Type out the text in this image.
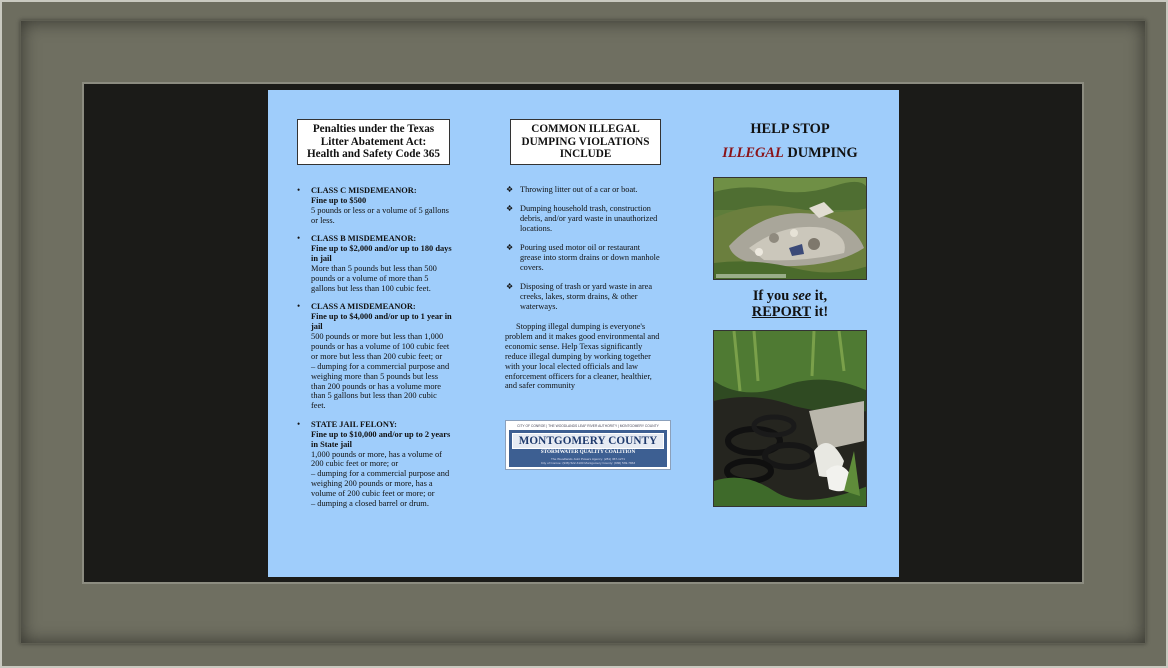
Penalties under the Texas Litter Abatement Act: Health and Safety Code 365
• CLASS C MISDEMEANOR:
Fine up to $500
5 pounds or less or a volume of 5 gallons or less.
• CLASS B MISDEMEANOR:
Fine up to $2,000 and/or up to 180 days in jail
More than 5 pounds but less than 500 pounds or a volume of more than 5 gallons but less than 100 cubic feet.
• CLASS A MISDEMEANOR:
Fine up to $4,000 and/or up to 1 year in jail
500 pounds or more but less than 1,000 pounds or has a volume of 100 cubic feet or more but less than 200 cubic feet; or
– dumping for a commercial purpose and weighing more than 5 pounds but less than 200 pounds or has a volume more than 5 gallons but less than 200 cubic feet.
• STATE JAIL FELONY:
Fine up to $10,000 and/or up to 2 years in State jail
1,000 pounds or more, has a volume of 200 cubic feet or more; or
– dumping for a commercial purpose and weighing 200 pounds or more, has a volume of 200 cubic feet or more; or
– dumping a closed barrel or drum.
COMMON ILLEGAL DUMPING VIOLATIONS INCLUDE
❖ Throwing litter out of a car or boat.
❖ Dumping household trash, construction debris, and/or yard waste in unauthorized locations.
❖ Pouring used motor oil or restaurant grease into storm drains or down manhole covers.
❖ Disposing of trash or yard waste in area creeks, lakes, storm drains, & other waterways.

Stopping illegal dumping is everyone's problem and it makes good environmental and economic sense. Help Texas significantly reduce illegal dumping by working together with your local elected officials and law enforcement officers for a cleaner, healthier, and safer community

CITY OF CONROE | THE WOODLANDS LEAF RIVER AUTHORITY | MONTGOMERY COUNTY
MONTGOMERY COUNTY
STORMWATER QUALITY COALITION
The Woodlands Joint Powers Agency: (281) 367-1271
City of Conroe: (936) 522-3100 Montgomery County: (936) 539-7833
HELP STOP
ILLEGAL DUMPING
If you see it,
REPORT it!
